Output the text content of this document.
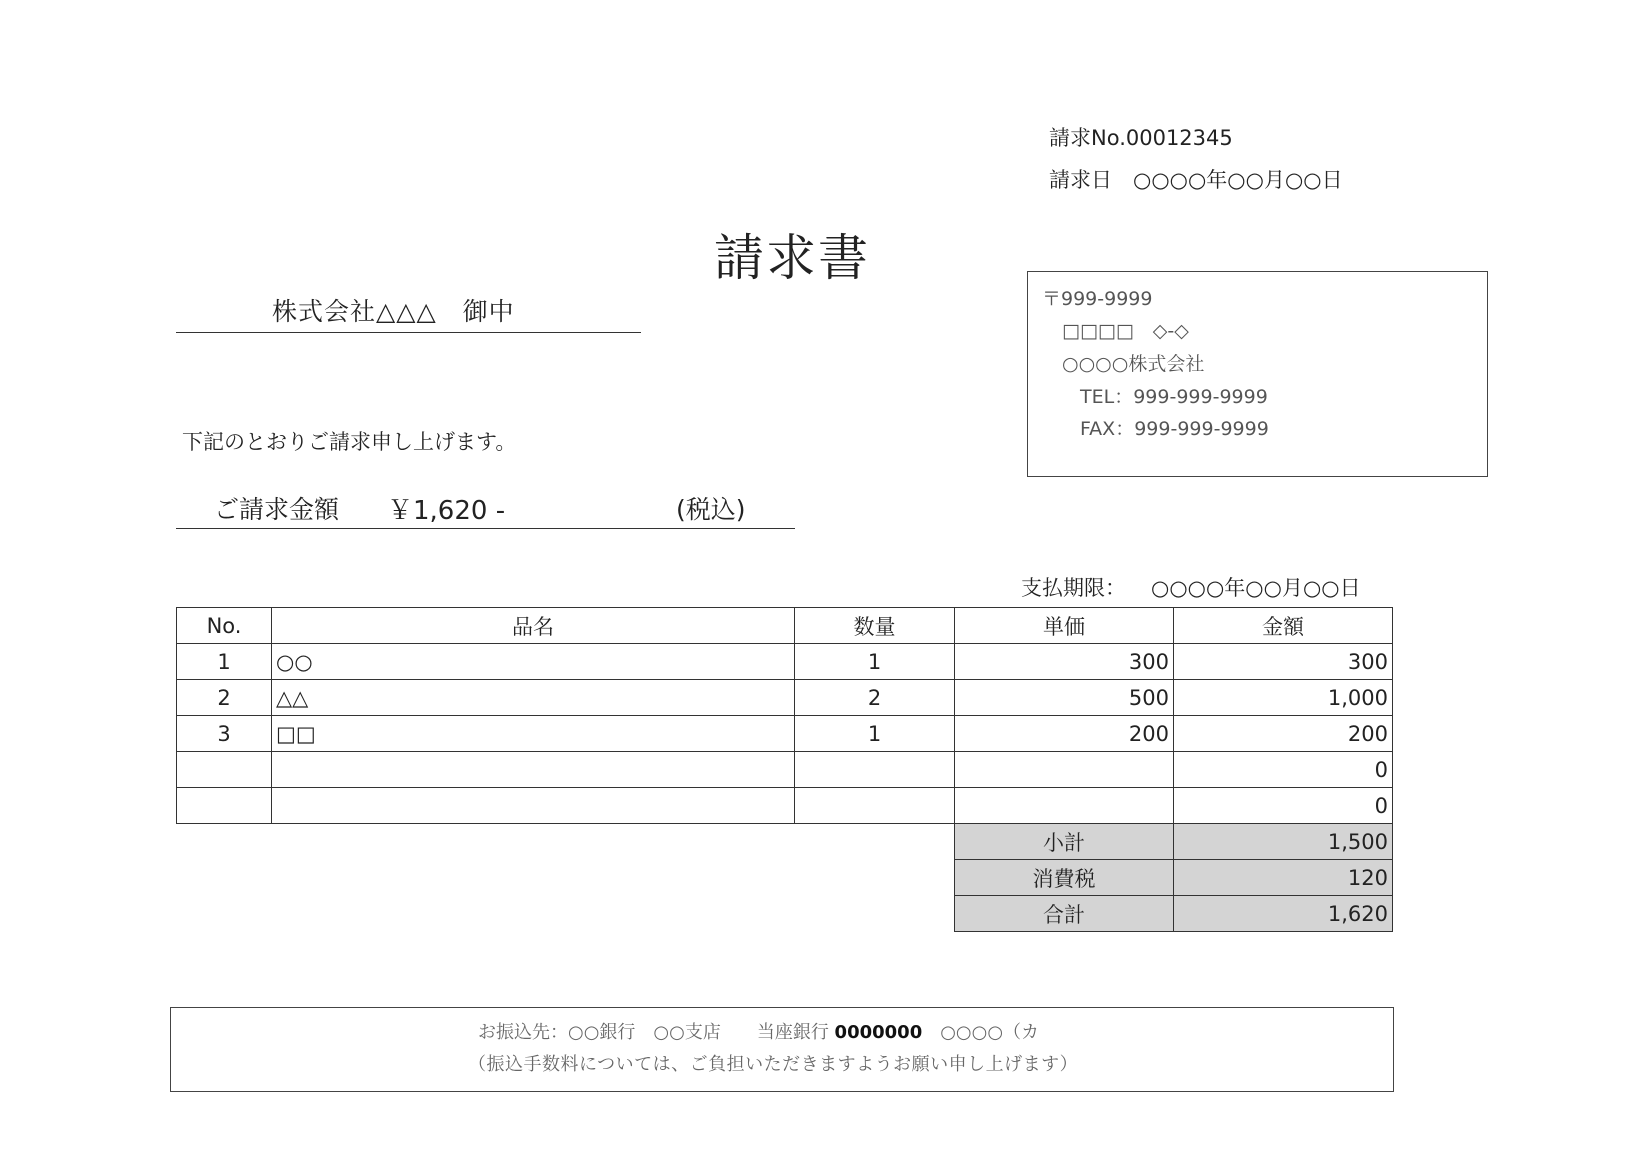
請求No.00012345
請求日　○○○○年○○月○○日
請求書
株式会社△△△　御中
下記のとおりご請求申し上げます。
ご請求金額 ￥1,620 -	(税込)
〒999-9999
□□□□　◇-◇
○○○○株式会社
TEL：999-999-9999
FAX：999-999-9999
支払期限： ○○○○年○○月○○日
No.	品名	数量	単価	金額
1	○○	1	300	300
2	△△	2	500	1,000
3	□□	1	200	200
				0
				0
			小計	1,500
			消費税	120
			合計	1,620
お振込先：○○銀行　○○支店　　当座銀行 0000000　○○○○（カ
（振込手数料については、ご負担いただきますようお願い申し上げます）
